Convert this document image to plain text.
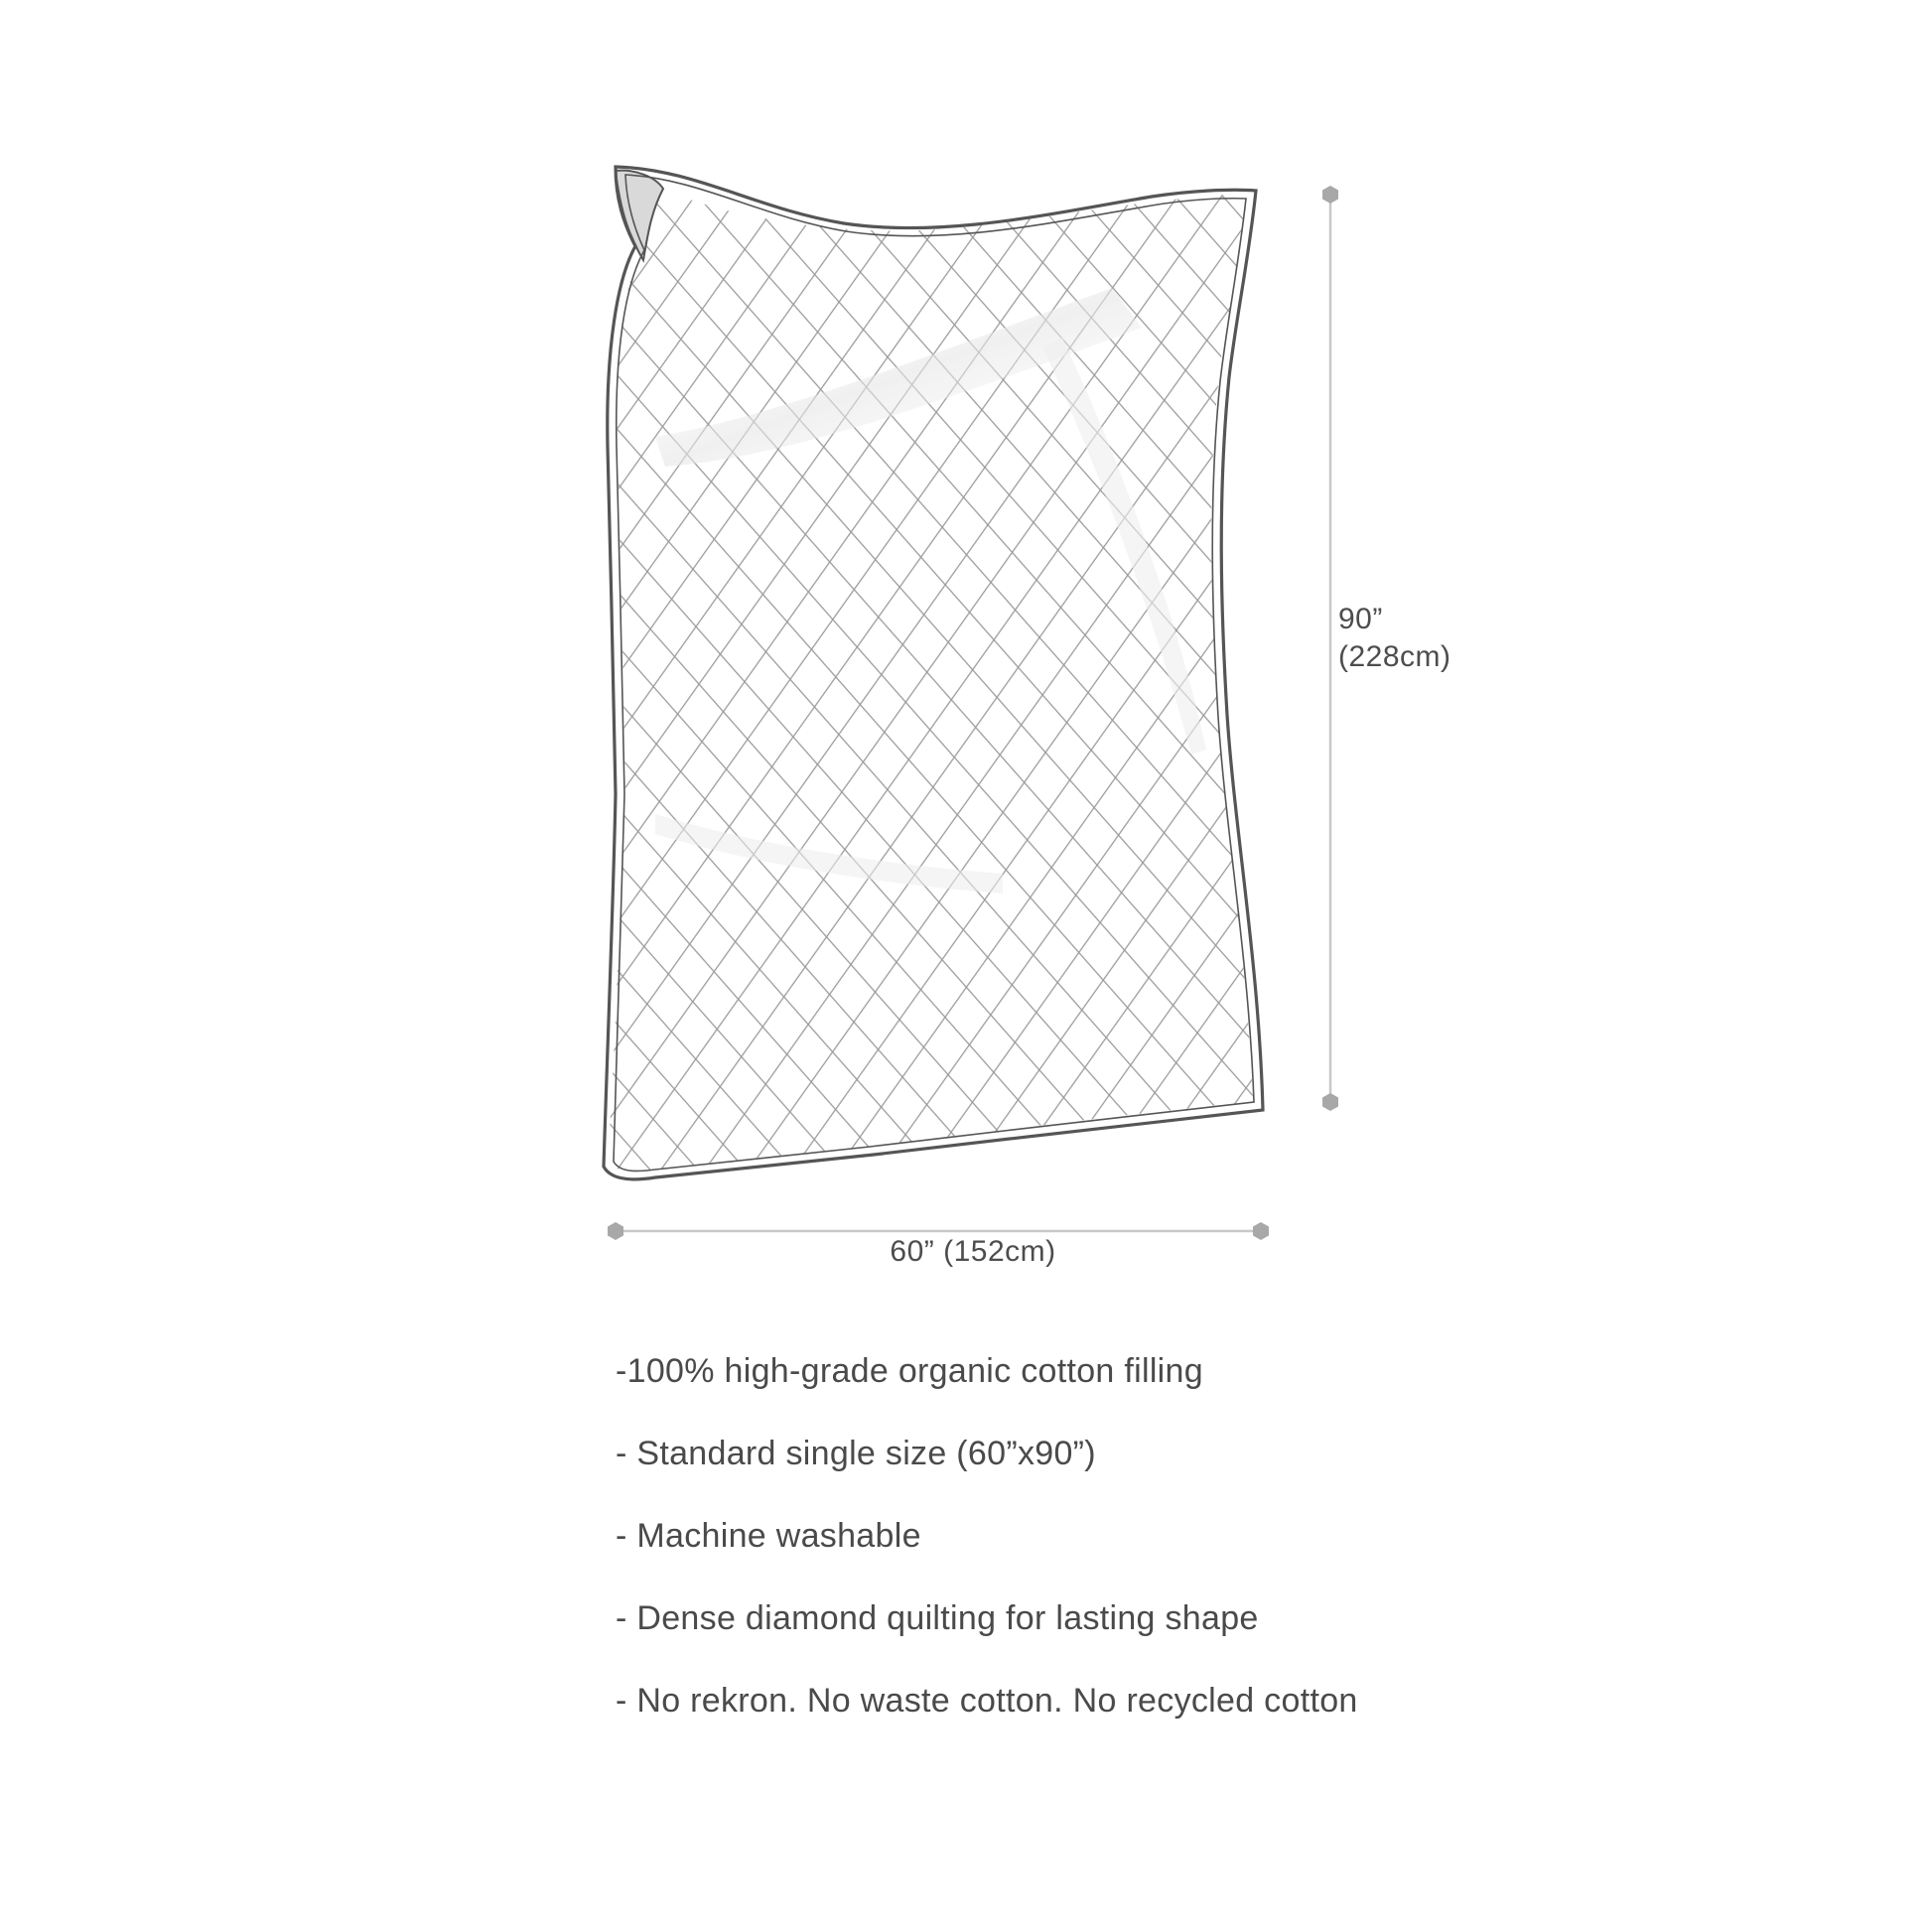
90”
(228cm)
60” (152cm)
-100% high-grade organic cotton filling
- Standard single size (60”x90”)
- Machine washable
- Dense diamond quilting for lasting shape
- No rekron. No waste cotton. No recycled cotton
